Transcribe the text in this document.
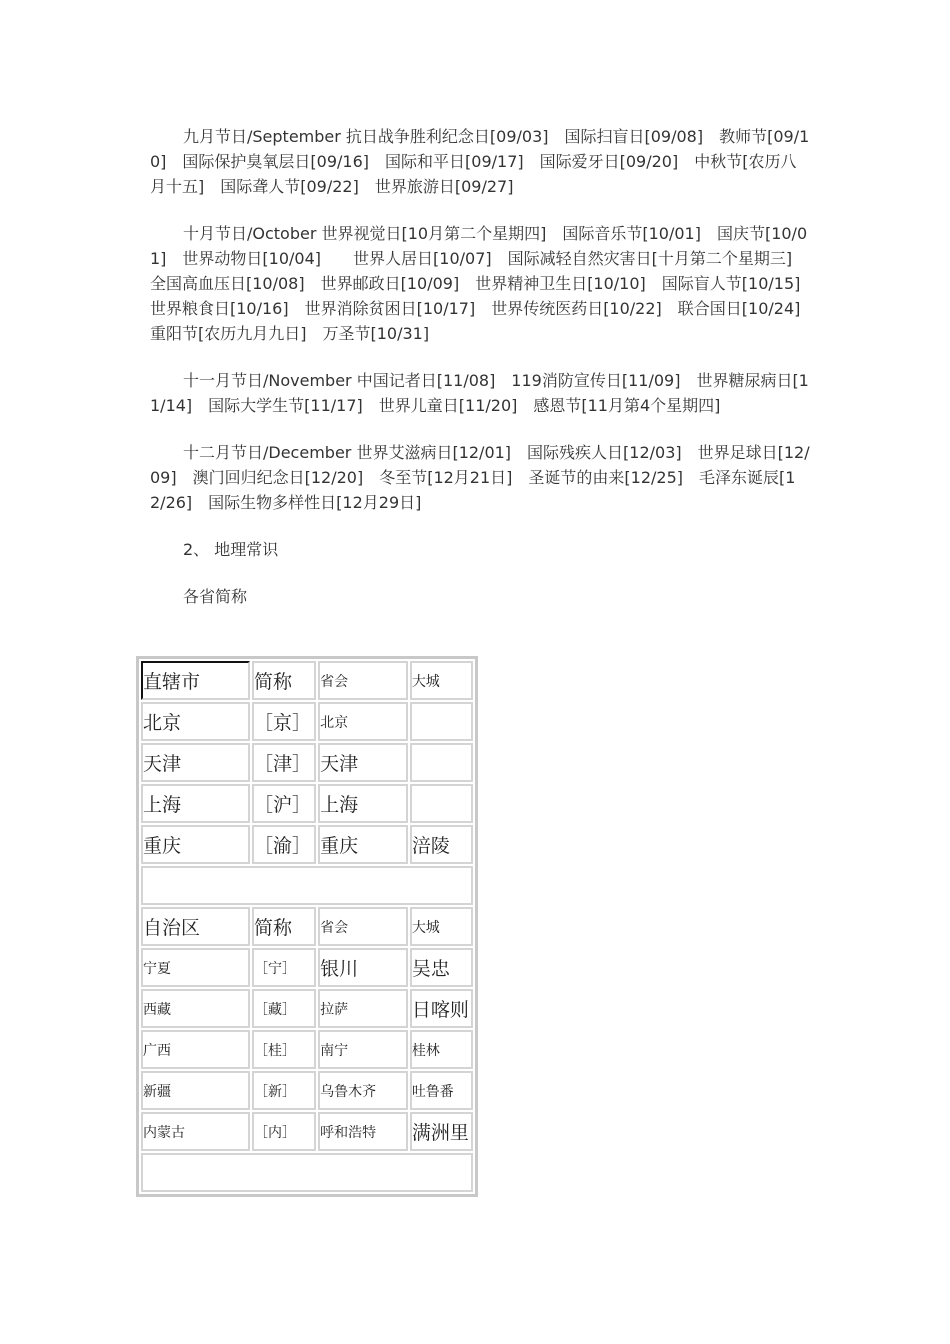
九月节日/September 抗日战争胜利纪念日[09/03]　国际扫盲日[09/08]　教师节[09/10]　国际保护臭氧层日[09/16]　国际和平日[09/17]　国际爱牙日[09/20]　中秋节[农历八月十五]　国际聋人节[09/22]　世界旅游日[09/27]

十月节日/October 世界视觉日[10月第二个星期四]　国际音乐节[10/01]　国庆节[10/01]　世界动物日[10/04]　　世界人居日[10/07]　国际减轻自然灾害日[十月第二个星期三]　全国高血压日[10/08]　世界邮政日[10/09]　世界精神卫生日[10/10]　国际盲人节[10/15]　世界粮食日[10/16]　世界消除贫困日[10/17]　世界传统医药日[10/22]　联合国日[10/24]　重阳节[农历九月九日]　万圣节[10/31]

十一月节日/November 中国记者日[11/08]　119消防宣传日[11/09]　世界糖尿病日[11/14]　国际大学生节[11/17]　世界儿童日[11/20]　感恩节[11月第4个星期四]

十二月节日/December 世界艾滋病日[12/01]　国际残疾人日[12/03]　世界足球日[12/09]　澳门回归纪念日[12/20]　冬至节[12月21日]　圣诞节的由来[12/25]　毛泽东诞辰[12/26]　国际生物多样性日[12月29日]

2、 地理常识
各省简称
直辖市	简称	省会	大城
北京	［京］	北京	
天津	［津］	天津	
上海	［沪］	上海	
重庆	［渝］	重庆	涪陵

自治区	简称	省会	大城
宁夏	［宁］	银川	吴忠
西藏	［藏］	拉萨	日喀则
广西	［桂］	南宁	桂林
新疆	［新］	乌鲁木齐	吐鲁番
内蒙古	［内］	呼和浩特	满洲里
